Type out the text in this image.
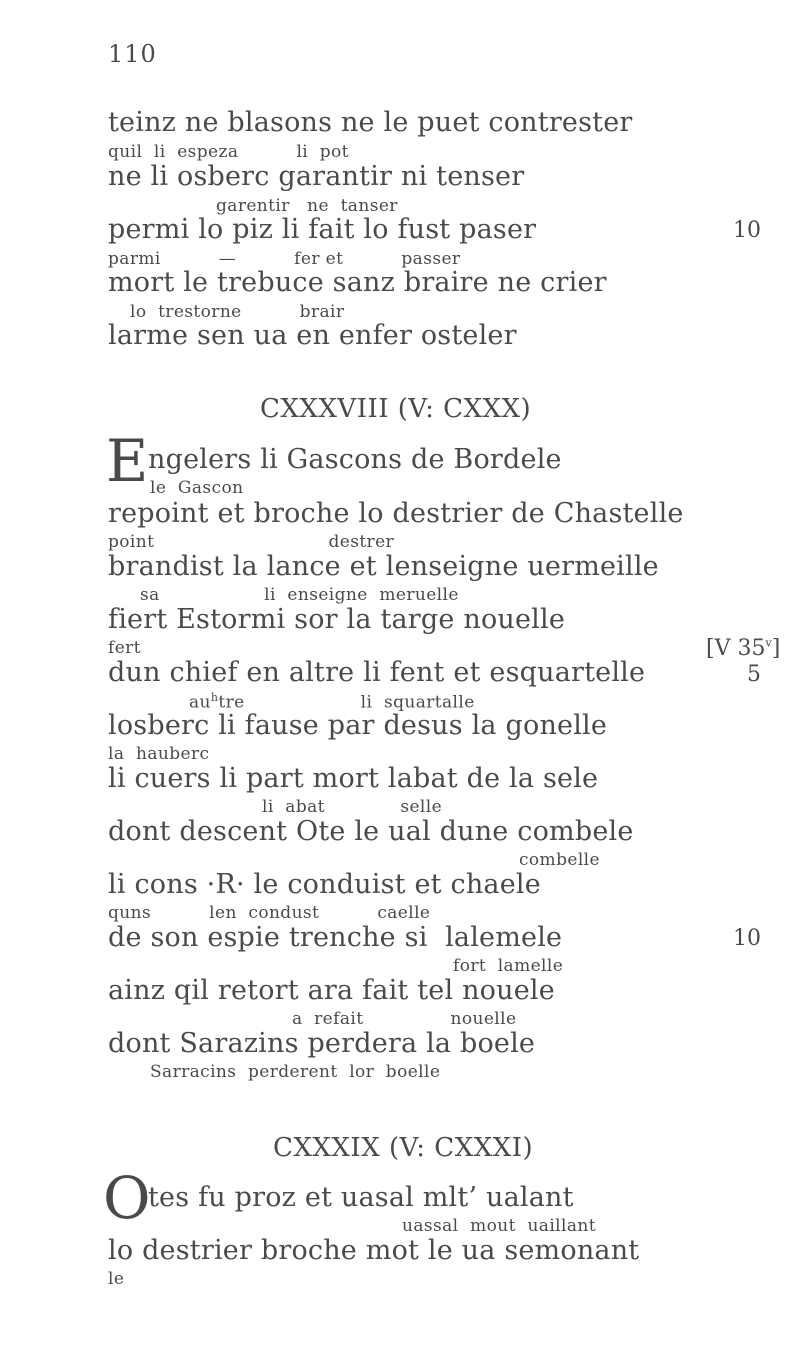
110
teinz ne blasons ne le puet contrester
quil  li  espeza          li  pot
ne li osberc garantir ni tenser
garentir   ne  tanser
permi lo piz li fait lo fust paser	10
parmi          —          fer et          passer
mort le trebuce sanz braire ne crier
lo  trestorne          brair
larme sen ua en enfer osteler
CXXXVIII (V: CXXX)
E ngelers li Gascons de Bordele
le  Gascon
repoint et broche lo destrier de Chastelle
point                              destrer
brandist la lance et lenseigne uermeille
sa                  li  enseigne  meruelle
fiert Estormi sor la targe nouelle
fert	[V 35$^v$]
dun chief en altre li fent et esquartelle	5
$au^htre$                    li  squartalle
losberc li fause par desus la gonelle
la  hauberc
li cuers li part mort labat de la sele
li  abat             selle
dont descent Ote le ual dune combele
combelle
li cons ·R· le conduist et chaele
quns          len  condust          caelle
de son espie trenche si  lalemele	10
fort  lamelle
ainz qil retort ara fait tel nouele
a  refait               nouelle
dont Sarazins perdera la boele
Sarracins  perderent  lor  boelle
CXXXIX (V: CXXXI)
O
tes fu proz et uasal mlt’ ualant
uassal  mout  uaillant
lo destrier broche mot le ua semonant
le
